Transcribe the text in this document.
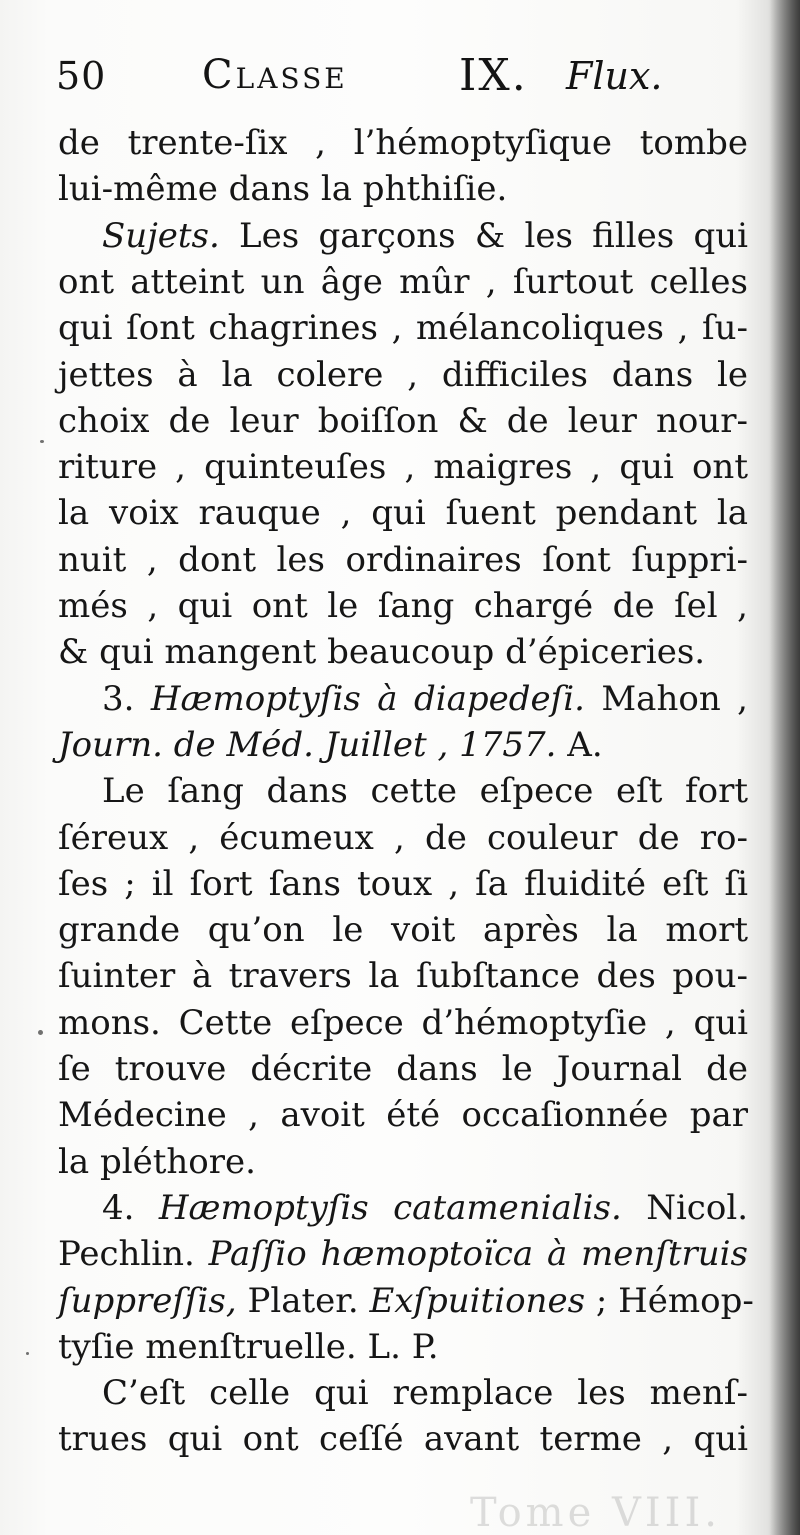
50 Classe	IX. Flux.
de trente-ſix , l’hémoptyſique tombe
lui-même dans la phthiſie.
Sujets. Les garçons & les filles qui
ont atteint un âge mûr , ſurtout celles
qui ſont chagrines , mélancoliques , ſu-
jettes à la colere , difficiles dans le
choix de leur boiſſon & de leur nour-
riture , quinteuſes , maigres , qui ont
la voix rauque , qui ſuent pendant la
nuit , dont les ordinaires ſont ſuppri-
més , qui ont le ſang chargé de ſel ,
& qui mangent beaucoup d’épiceries.
3. Hæmoptyſis à diapedeſi. Mahon ,
Journ. de Méd. Juillet , 1757. A.
Le ſang dans cette eſpece eſt fort
ſéreux , écumeux , de couleur de ro-
ſes ; il ſort ſans toux , ſa fluidité eſt ſi
grande qu’on le voit après la mort
ſuinter à travers la ſubſtance des pou-
mons. Cette eſpece d’hémoptyſie , qui
ſe trouve décrite dans le Journal de
Médecine , avoit été occaſionnée par
la pléthore.
4. Hæmoptyſis catamenialis. Nicol.
Pechlin. Paſſio hæmoptoïca à menſtruis
ſuppreſſis, Plater. Exſpuitiones ; Hémop-
tyſie menſtruelle. L. P.
C’eſt celle qui remplace les menſ-
trues qui ont ceſſé avant terme , qui
Tome VIII.
